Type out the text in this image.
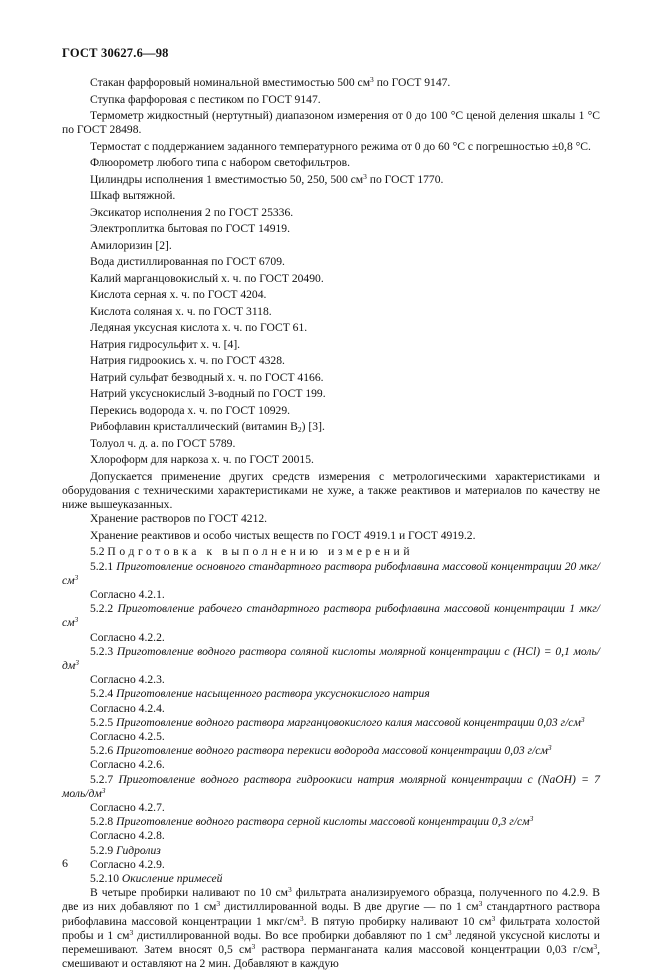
ГОСТ 30627.6—98

Стакан фарфоровый номинальной вместимостью 500 $см^3$ по ГОСТ 9147.

Ступка фарфоровая с пестиком по ГОСТ 9147.

Термометр жидкостный (нертутный) диапазоном измерения от 0 до 100 °С ценой деления шкалы 1 °С по ГОСТ 28498.

Термостат с поддержанием заданного температурного режима от 0 до 60 °С с погрешностью ±0,8 °С.

Флюорометр любого типа с набором светофильтров.

Цилиндры исполнения 1 вместимостью 50, 250, 500 $см^3$ по ГОСТ 1770.

Шкаф вытяжной.

Эксикатор исполнения 2 по ГОСТ 25336.

Электроплитка бытовая по ГОСТ 14919.

Амилоризин [2].

Вода дистиллированная по ГОСТ 6709.

Калий марганцовокислый х. ч. по ГОСТ 20490.

Кислота серная х. ч. по ГОСТ 4204.

Кислота соляная х. ч. по ГОСТ 3118.

Ледяная уксусная кислота х. ч. по ГОСТ 61.

Натрия гидросульфит х. ч. [4].

Натрия гидроокись х. ч. по ГОСТ 4328.

Натрий сульфат безводный х. ч. по ГОСТ 4166.

Натрий уксуснокислый 3-водный по ГОСТ 199.

Перекись водорода х. ч. по ГОСТ 10929.

Рибофлавин кристаллический (витамин $B_2$) [3].

Толуол ч. д. а. по ГОСТ 5789.

Хлороформ для наркоза х. ч. по ГОСТ 20015.

Допускается применение других средств измерения с метрологическими характеристиками и оборудования с техническими характеристиками не хуже, а также реактивов и материалов по качеству не ниже вышеуказанных.

Хранение растворов по ГОСТ 4212.

Хранение реактивов и особо чистых веществ по ГОСТ 4919.1 и ГОСТ 4919.2.

5.2 Подготовка к выполнению измерений

5.2.1 Приготовление основного стандартного раствора рибофлавина массовой концентрации 20 мкг/$см^3$

Согласно 4.2.1.

5.2.2 Приготовление рабочего стандартного раствора рибофлавина массовой концентрации 1 мкг/$см^3$

Согласно 4.2.2.

5.2.3 Приготовление водного раствора соляной кислоты молярной концентрации с (HCl) = 0,1 моль/$дм^3$

Согласно 4.2.3.

5.2.4 Приготовление насыщенного раствора уксуснокислого натрия

Согласно 4.2.4.

5.2.5 Приготовление водного раствора марганцовокислого калия массовой концентрации 0,03 $г/см^3$

Согласно 4.2.5.

5.2.6 Приготовление водного раствора перекиси водорода массовой концентрации 0,03 $г/см^3$

Согласно 4.2.6.

5.2.7 Приготовление водного раствора гидроокиси натрия молярной концентрации с (NaOH) = 7 моль/$дм^3$

Согласно 4.2.7.

5.2.8 Приготовление водного раствора серной кислоты массовой концентрации 0,3 $г/см^3$

Согласно 4.2.8.

5.2.9 Гидролиз

Согласно 4.2.9.

5.2.10 Окисление примесей

В четыре пробирки наливают по 10 $см^3$ фильтрата анализируемого образца, полученного по 4.2.9. В две из них добавляют по 1 $см^3$ дистиллированной воды. В две другие — по 1 $см^3$ стандартного раствора рибофлавина массовой концентрации 1 мкг/$см^3$. В пятую пробирку наливают 10 $см^3$ фильтрата холостой пробы и 1 $см^3$ дистиллированной воды. Во все пробирки добавляют по 1 $см^3$ ледяной уксусной кислоты и перемешивают. Затем вносят 0,5 $см^3$ раствора перманганата калия массовой концентрации 0,03 $г/см^3$, смешивают и оставляют на 2 мин. Добавляют в каждую

6
